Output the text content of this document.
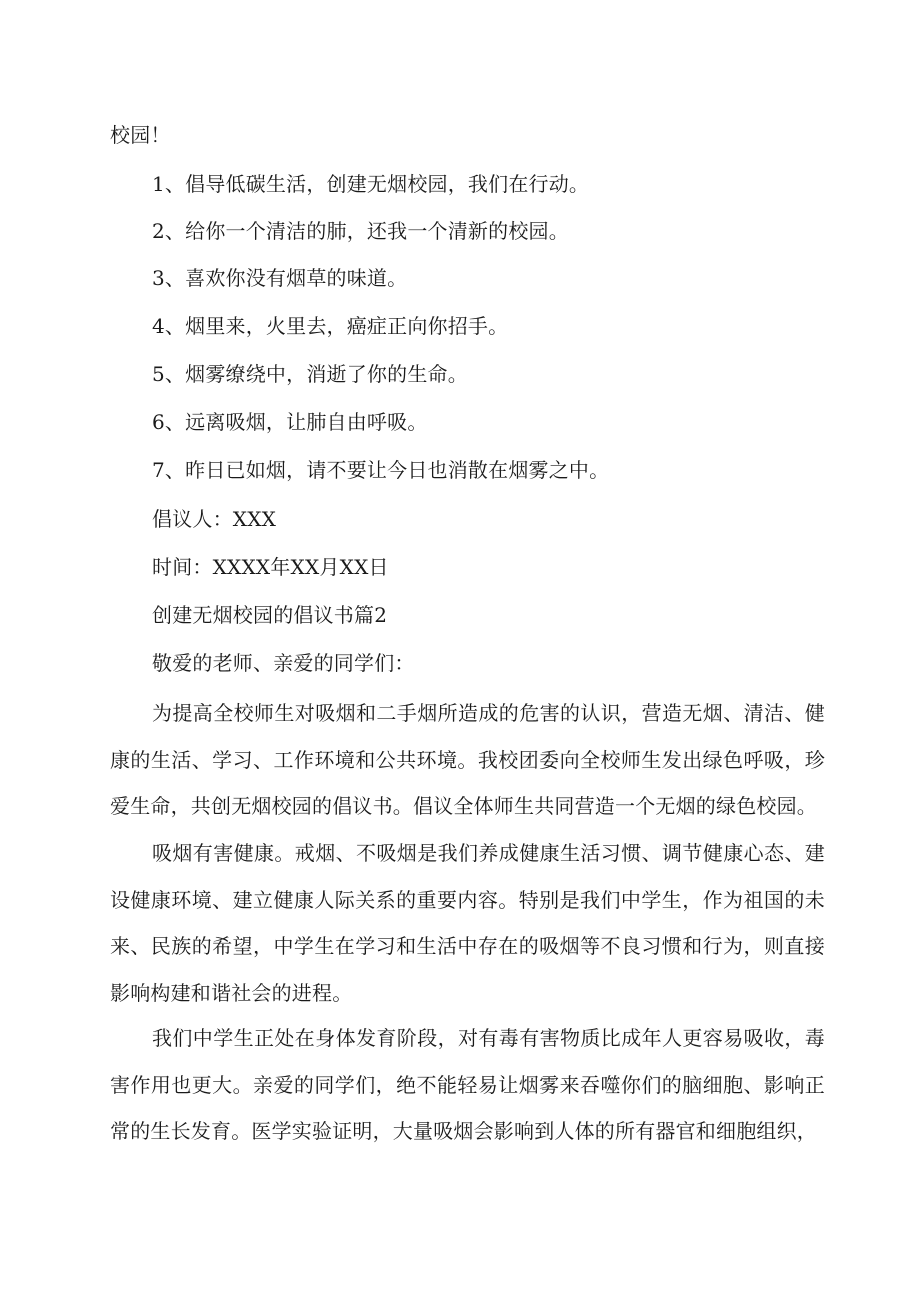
校园！
1、倡导低碳生活，创建无烟校园，我们在行动。
2、给你一个清洁的肺，还我一个清新的校园。
3、喜欢你没有烟草的味道。
4、烟里来，火里去，癌症正向你招手。
5、烟雾缭绕中，消逝了你的生命。
6、远离吸烟，让肺自由呼吸。
7、昨日已如烟，请不要让今日也消散在烟雾之中。
倡议人：XXX
时间：XXXX年XX月XX日
创建无烟校园的倡议书篇2
敬爱的老师、亲爱的同学们：
为提高全校师生对吸烟和二手烟所造成的危害的认识，营造无烟、清洁、健康的生活、学习、工作环境和公共环境。我校团委向全校师生发出绿色呼吸，珍爱生命，共创无烟校园的倡议书。倡议全体师生共同营造一个无烟的绿色校园。
吸烟有害健康。戒烟、不吸烟是我们养成健康生活习惯、调节健康心态、建设健康环境、建立健康人际关系的重要内容。特别是我们中学生，作为祖国的未来、民族的希望，中学生在学习和生活中存在的吸烟等不良习惯和行为，则直接影响构建和谐社会的进程。
我们中学生正处在身体发育阶段，对有毒有害物质比成年人更容易吸收，毒害作用也更大。亲爱的同学们，绝不能轻易让烟雾来吞噬你们的脑细胞、影响正常的生长发育。医学实验证明，大量吸烟会影响到人体的所有器官和细胞组织，
